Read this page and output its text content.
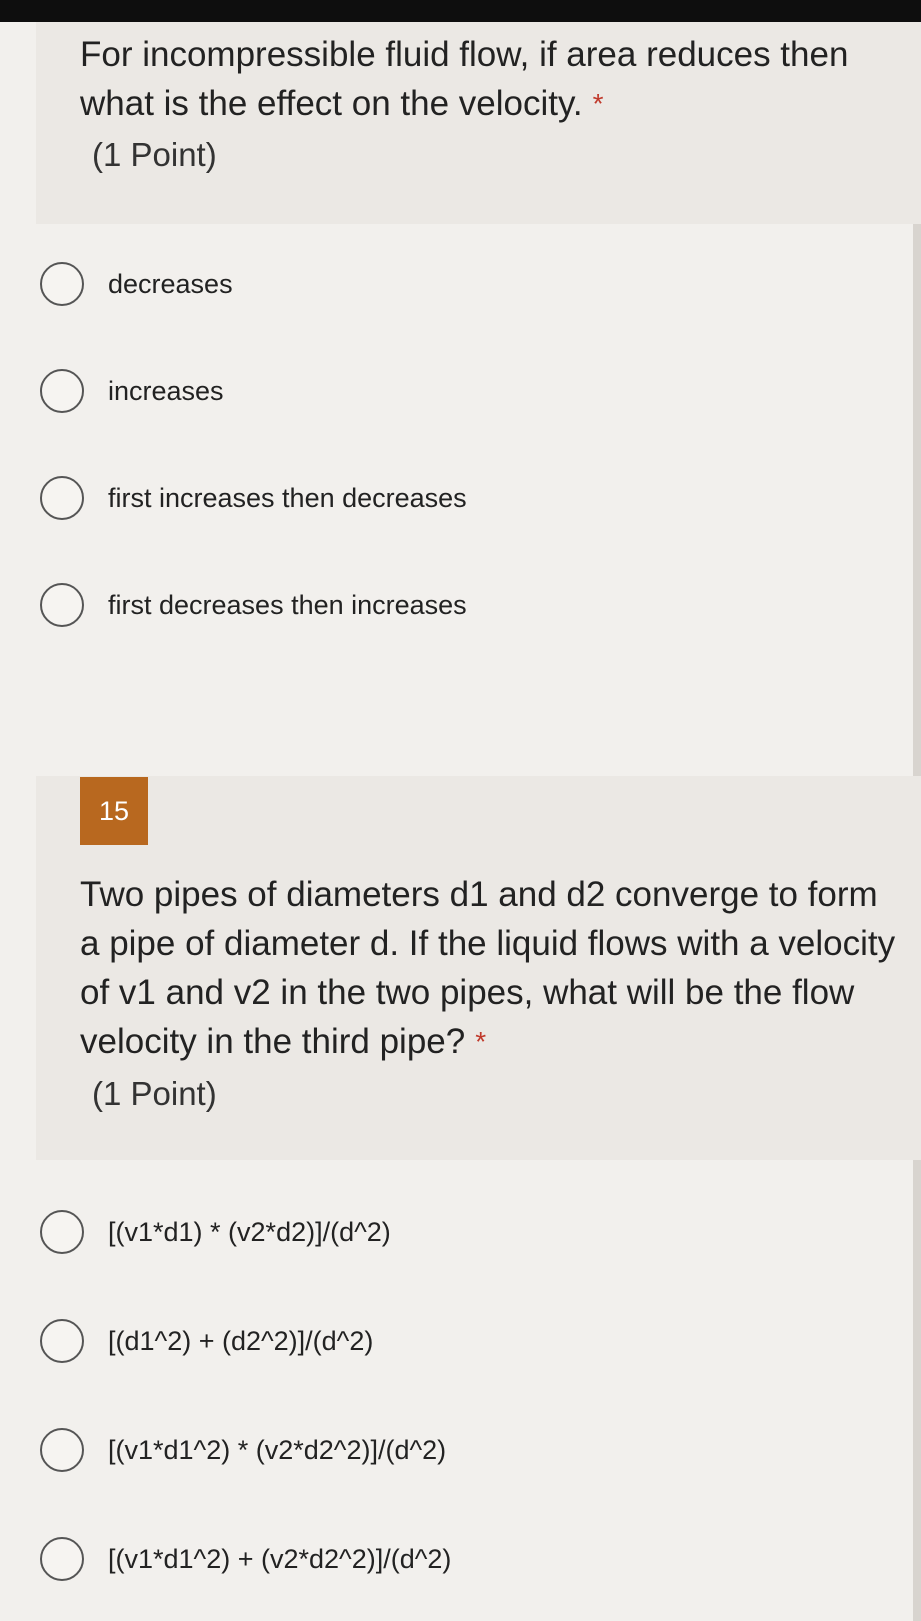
For incompressible fluid flow, if area reduces then what is the effect on the velocity. *
(1 Point)
decreases
increases
first increases then decreases
first decreases then increases
15
Two pipes of diameters d1 and d2 converge to form a pipe of diameter d. If the liquid flows with a velocity of v1 and v2 in the two pipes, what will be the flow velocity in the third pipe? *
(1 Point)
[(v1*d1) * (v2*d2)]/(d^2)
[(d1^2) + (d2^2)]/(d^2)
[(v1*d1^2) * (v2*d2^2)]/(d^2)
[(v1*d1^2) + (v2*d2^2)]/(d^2)
